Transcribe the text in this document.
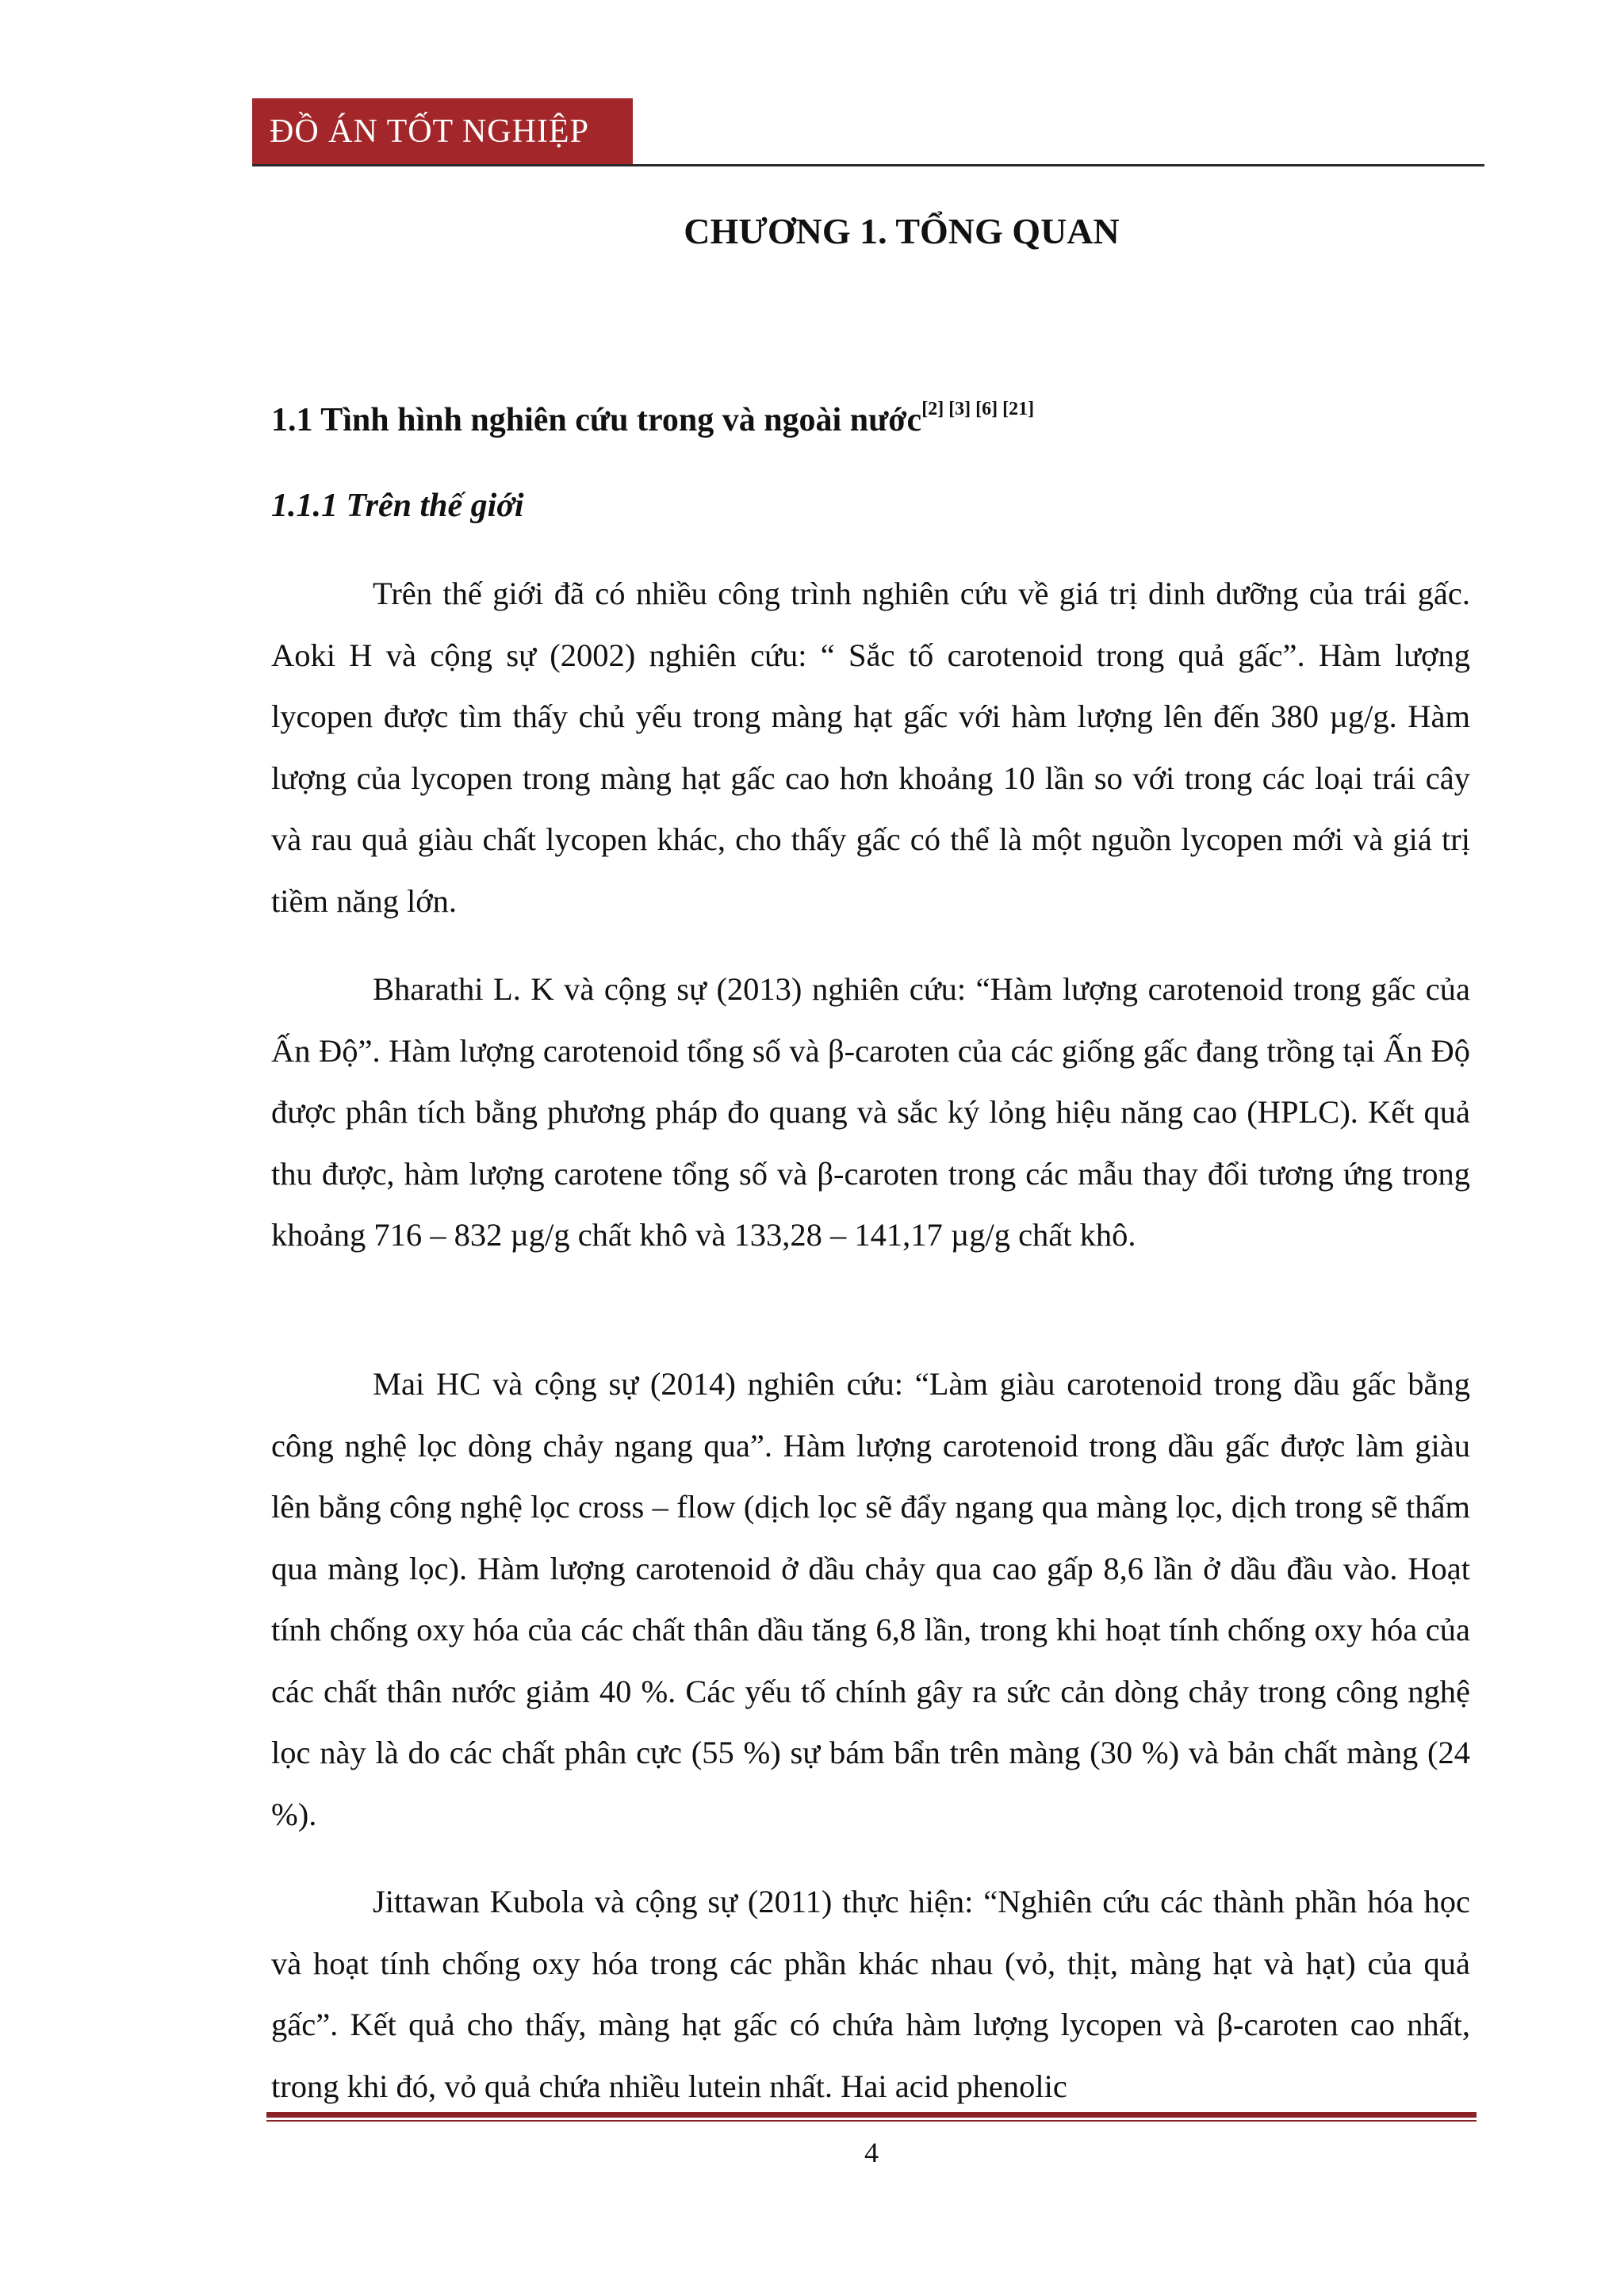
ĐỒ ÁN TỐT NGHIỆP
CHƯƠNG 1. TỔNG QUAN
1.1 Tình hình nghiên cứu trong và ngoài nước[2] [3] [6] [21]
1.1.1 Trên thế giới

Trên thế giới đã có nhiều công trình nghiên cứu về giá trị dinh dưỡng của trái gấc. Aoki H và cộng sự (2002) nghiên cứu: “ Sắc tố carotenoid trong quả gấc”. Hàm lượng lycopen được tìm thấy chủ yếu trong màng hạt gấc với hàm lượng lên đến 380 µg/g. Hàm lượng của lycopen trong màng hạt gấc cao hơn khoảng 10 lần so với trong các loại trái cây và rau quả giàu chất lycopen khác, cho thấy gấc có thể là một nguồn lycopen mới và giá trị tiềm năng lớn.

Bharathi L. K và cộng sự (2013) nghiên cứu: “Hàm lượng carotenoid trong gấc của Ấn Độ”. Hàm lượng carotenoid tổng số và β-caroten của các giống gấc đang trồng tại Ấn Độ được phân tích bằng phương pháp đo quang và sắc ký lỏng hiệu năng cao (HPLC). Kết quả thu được, hàm lượng carotene tổng số và β-caroten trong các mẫu thay đổi tương ứng trong khoảng 716 – 832 µg/g chất khô và 133,28 – 141,17 µg/g chất khô.

Mai HC và cộng sự (2014) nghiên cứu: “Làm giàu carotenoid trong dầu gấc bằng công nghệ lọc dòng chảy ngang qua”. Hàm lượng carotenoid trong dầu gấc được làm giàu lên bằng công nghệ lọc cross – flow (dịch lọc sẽ đẩy ngang qua màng lọc, dịch trong sẽ thấm qua màng lọc). Hàm lượng carotenoid ở dầu chảy qua cao gấp 8,6 lần ở dầu đầu vào. Hoạt tính chống oxy hóa của các chất thân dầu tăng 6,8 lần, trong khi hoạt tính chống oxy hóa của các chất thân nước giảm 40 %. Các yếu tố chính gây ra sức cản dòng chảy trong công nghệ lọc này là do các chất phân cực (55 %) sự bám bẩn trên màng (30 %) và bản chất màng (24 %).

Jittawan Kubola và cộng sự (2011) thực hiện: “Nghiên cứu các thành phần hóa học và hoạt tính chống oxy hóa trong các phần khác nhau (vỏ, thịt, màng hạt và hạt) của quả gấc”. Kết quả cho thấy, màng hạt gấc có chứa hàm lượng lycopen và β-caroten cao nhất, trong khi đó, vỏ quả chứa nhiều lutein nhất. Hai acid phenolic

4
